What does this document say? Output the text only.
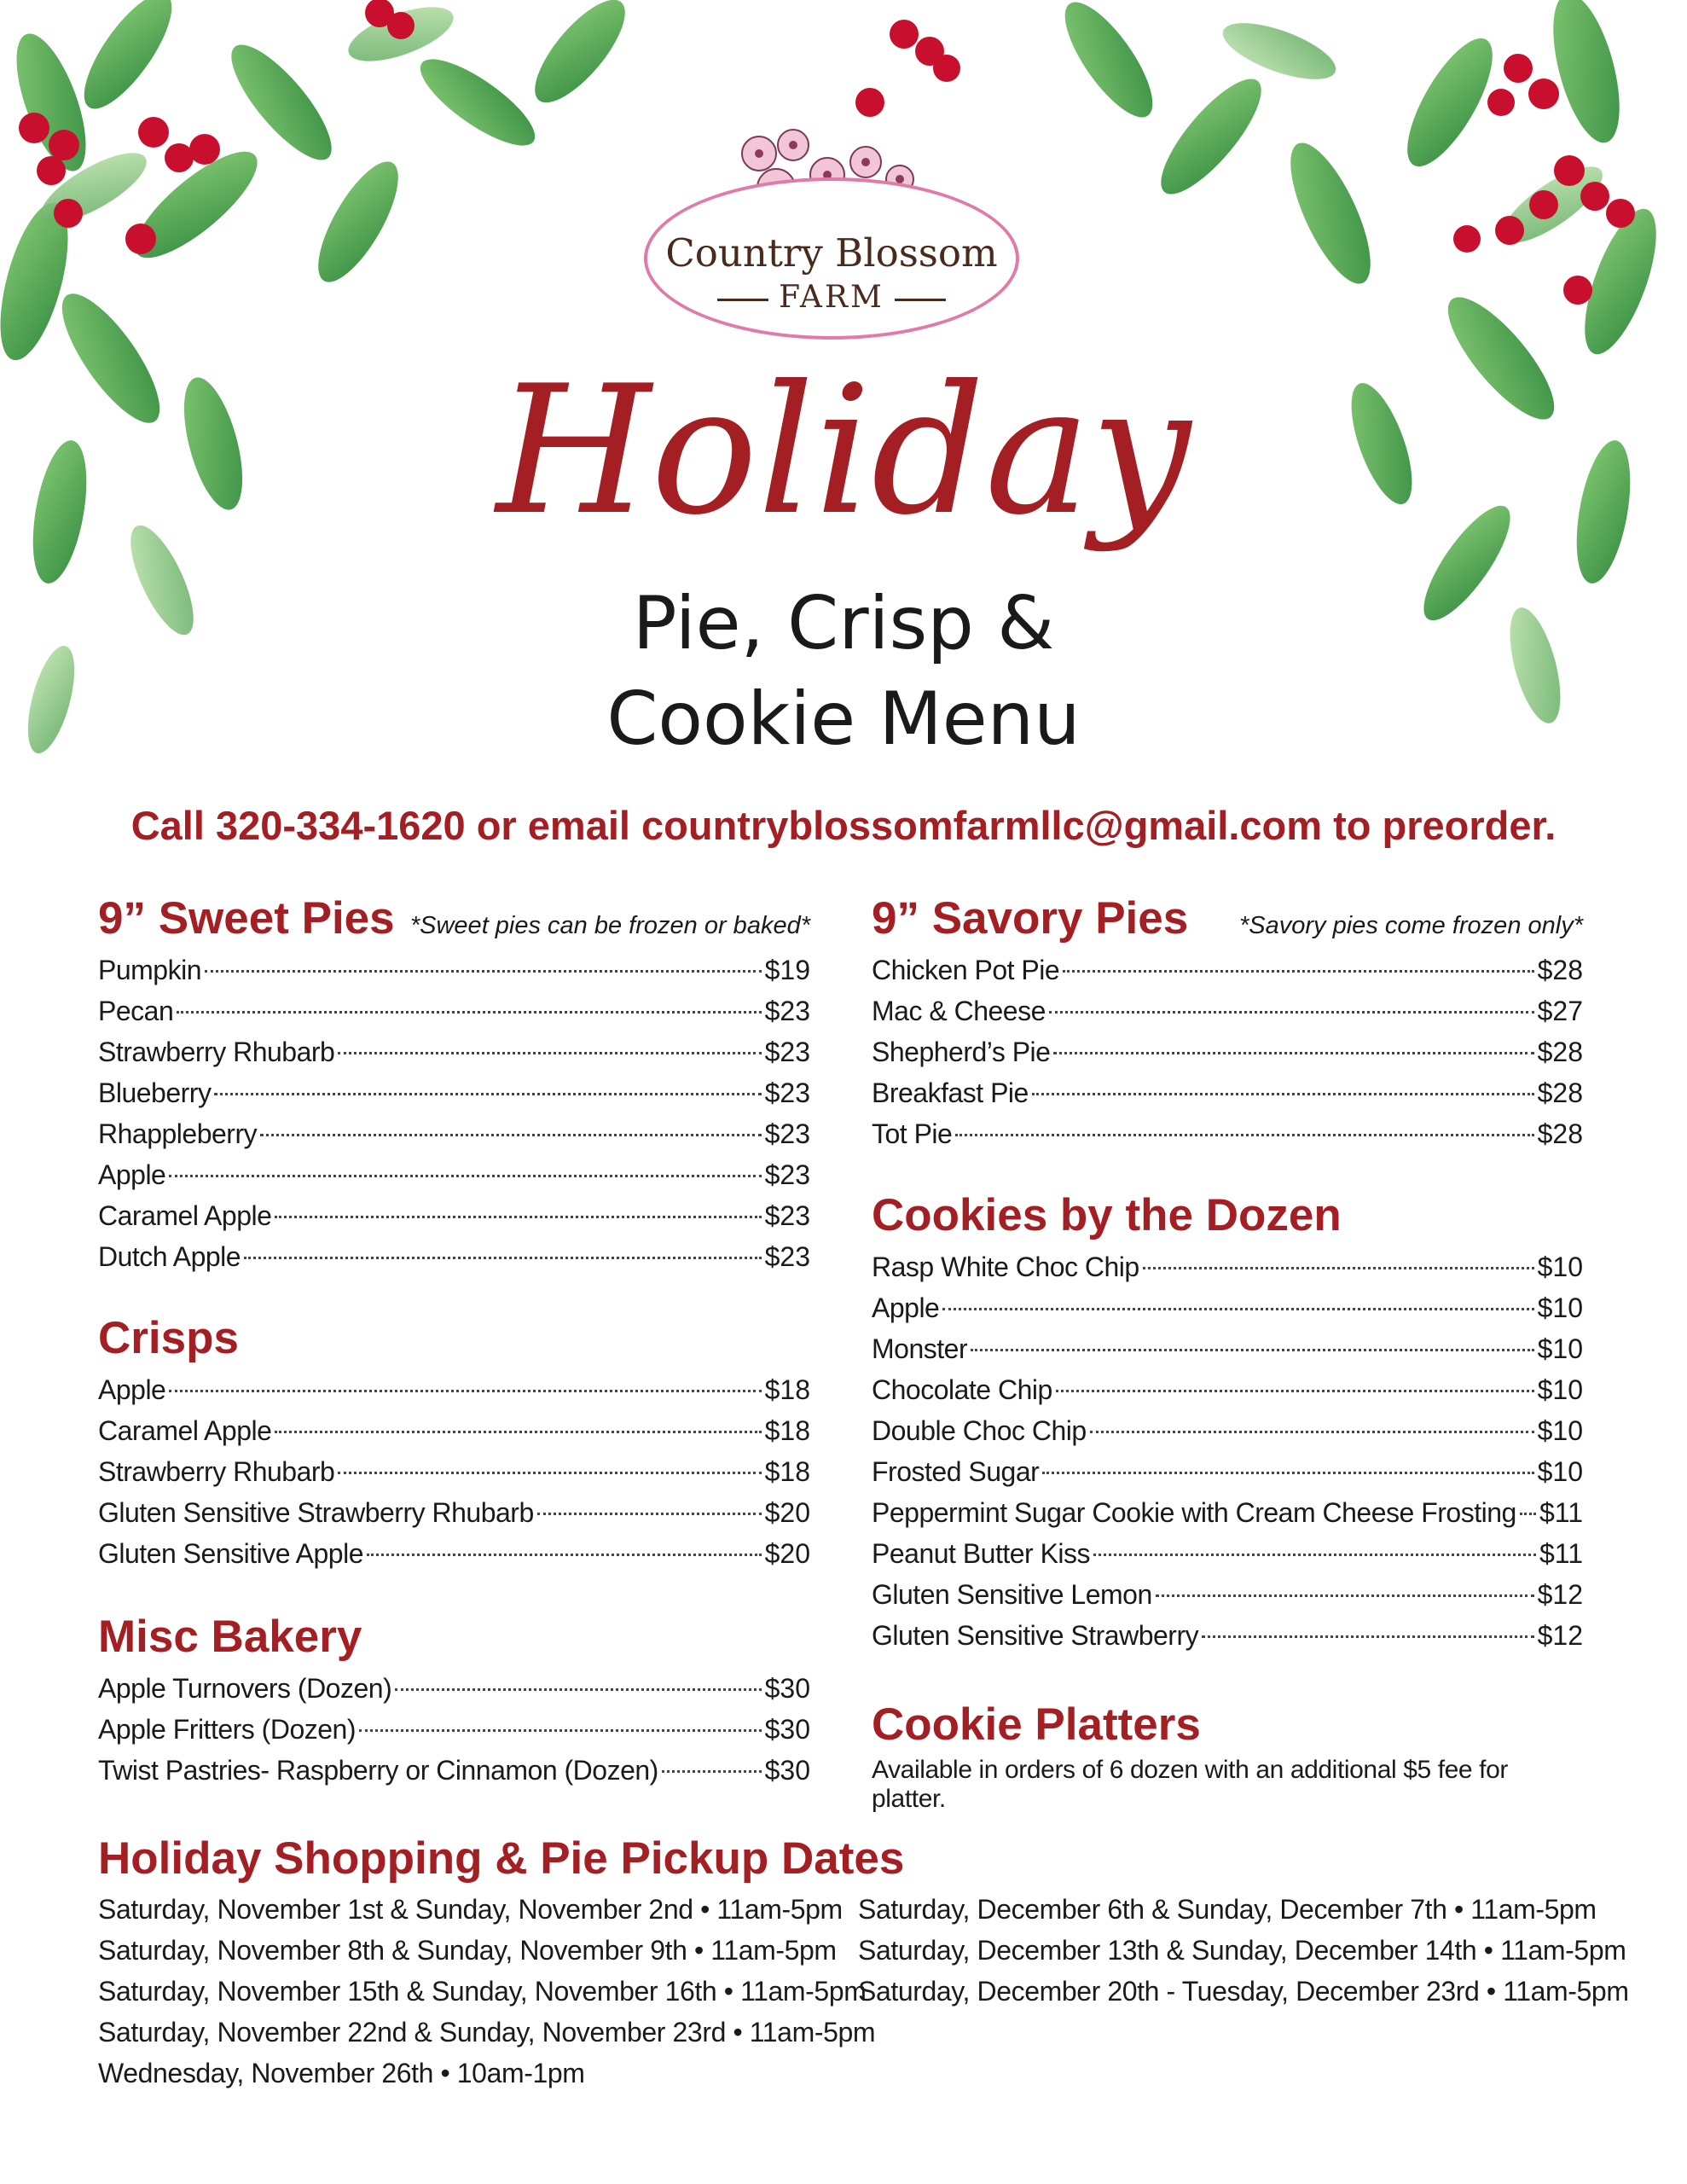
Country Blossom
FARM
Holiday
Pie, Crisp &
Cookie Menu
Call 320-334-1620 or email countryblossomfarmllc@gmail.com to preorder.
9” Sweet Pies *Sweet pies can be frozen or baked*
Pumpkin	$19
Pecan	$23
Strawberry Rhubarb	$23
Blueberry	$23
Rhappleberry	$23
Apple	$23
Caramel Apple	$23
Dutch Apple	$23
Crisps
Apple	$18
Caramel Apple	$18
Strawberry Rhubarb	$18
Gluten Sensitive Strawberry Rhubarb	$20
Gluten Sensitive Apple	$20
Misc Bakery
Apple Turnovers (Dozen)	$30
Apple Fritters (Dozen)	$30
Twist Pastries- Raspberry or Cinnamon (Dozen)	$30
9” Savory Pies *Savory pies come frozen only*
Chicken Pot Pie	$28
Mac & Cheese	$27
Shepherd’s Pie	$28
Breakfast Pie	$28
Tot Pie	$28
Cookies by the Dozen
Rasp White Choc Chip	$10
Apple	$10
Monster	$10
Chocolate Chip	$10
Double Choc Chip	$10
Frosted Sugar	$10
Peppermint Sugar Cookie with Cream Cheese Frosting $11
Peanut Butter Kiss	$11
Gluten Sensitive Lemon	$12
Gluten Sensitive Strawberry	$12
Cookie Platters
Available in orders of 6 dozen with an additional $5 fee for platter.
Holiday Shopping & Pie Pickup Dates
Saturday, November 1st & Sunday, November 2nd • 11am-5pm
Saturday, November 8th & Sunday, November 9th • 11am-5pm
Saturday, November 15th & Sunday, November 16th • 11am-5pm
Saturday, November 22nd & Sunday, November 23rd • 11am-5pm
Wednesday, November 26th • 10am-1pm
Saturday, December 6th & Sunday, December 7th • 11am-5pm
Saturday, December 13th & Sunday, December 14th • 11am-5pm
Saturday, December 20th - Tuesday, December 23rd • 11am-5pm
